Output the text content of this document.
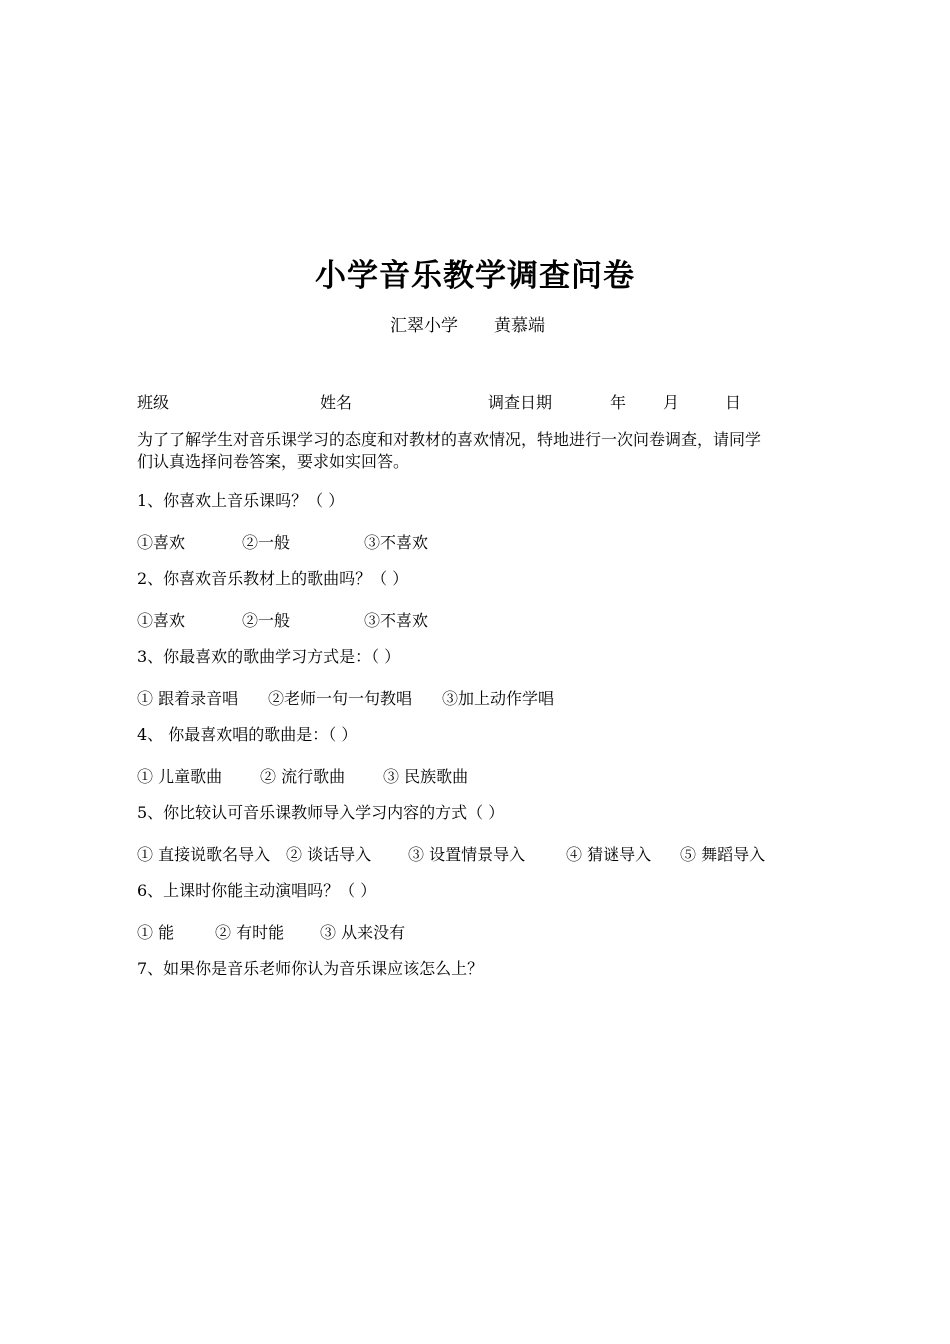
小学音乐教学调查问卷
汇翠小学 黄慕端
班级	姓名	调查日期	年 月	日
为了了解学生对音乐课学习的态度和对教材的喜欢情况，特地进行一次问卷调查，请同学
们认真选择问卷答案，要求如实回答。
1、你喜欢上音乐课吗？（ ）
①喜欢	②一般	③不喜欢
2、你喜欢音乐教材上的歌曲吗？（ ）
①喜欢	②一般	③不喜欢
3、你最喜欢的歌曲学习方式是：（ ）
① 跟着录音唱 ②老师一句一句教唱 ③加上动作学唱
4、 你最喜欢唱的歌曲是：（ ）
① 儿童歌曲 ② 流行歌曲 ③ 民族歌曲
5、你比较认可音乐课教师导入学习内容的方式（ ）
① 直接说歌名导入 ② 谈话导入 ③ 设置情景导入	④ 猜谜导入 ⑤ 舞蹈导入
6、上课时你能主动演唱吗？（ ）
① 能	② 有时能 ③ 从来没有
7、如果你是音乐老师你认为音乐课应该怎么上？
